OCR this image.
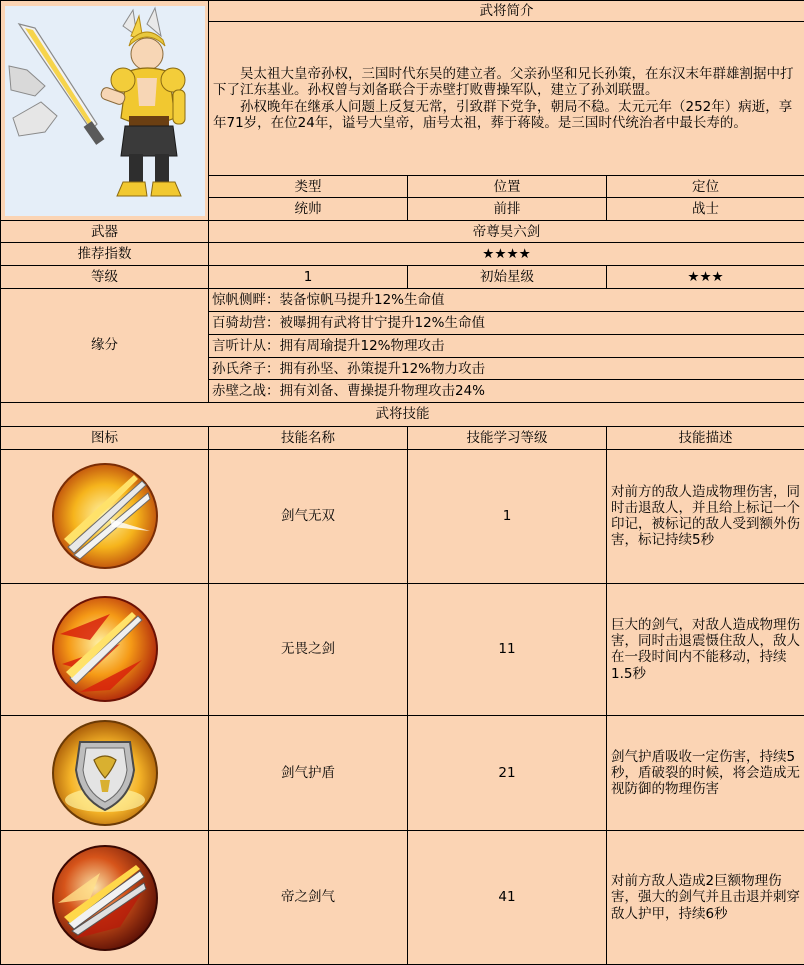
	武将简介		

	吴太祖大皇帝孙权，三国时代东吴的建立者。父亲孙坚和兄长孙策，在东汉末年群雄割据中打下了江东基业。孙权曾与刘备联合于赤壁打败曹操军队，建立了孙刘联盟。

孙权晚年在继承人问题上反复无常，引致群下党争，朝局不稳。太元元年（252年）病逝，享年71岁，在位24年，谥号大皇帝，庙号太祖，葬于蒋陵。是三国时代统治者中最长寿的。		

	类型	位置	定位
	统帅	前排	战士
武器	帝尊昊六剑		
推荐指数	★★★★		
等级	1	初始星级	★★★
缘分	惊帆侧畔：装备惊帆马提升12%生命值		
	百骑劫营：被曝拥有武将甘宁提升12%生命值		
	言听计从：拥有周瑜提升12%物理攻击		
	孙氏斧子：拥有孙坚、孙策提升12%物力攻击		
	赤壁之战：拥有刘备、曹操提升物理攻击24%		
武将技能			
图标	技能名称	技能学习等级	技能描述

	剑气无双	1	对前方的敌人造成物理伤害，同时击退敌人，并且给上标记一个印记，被标记的敌人受到额外伤害，标记持续5秒

	无畏之剑	11	巨大的剑气，对敌人造成物理伤害，同时击退震慑住敌人，敌人在一段时间内不能移动，持续1.5秒

	剑气护盾	21	剑气护盾吸收一定伤害，持续5秒，盾破裂的时候，将会造成无视防御的物理伤害

	帝之剑气	41	对前方敌人造成2巨额物理伤害，强大的剑气并且击退并刺穿敌人护甲，持续6秒
